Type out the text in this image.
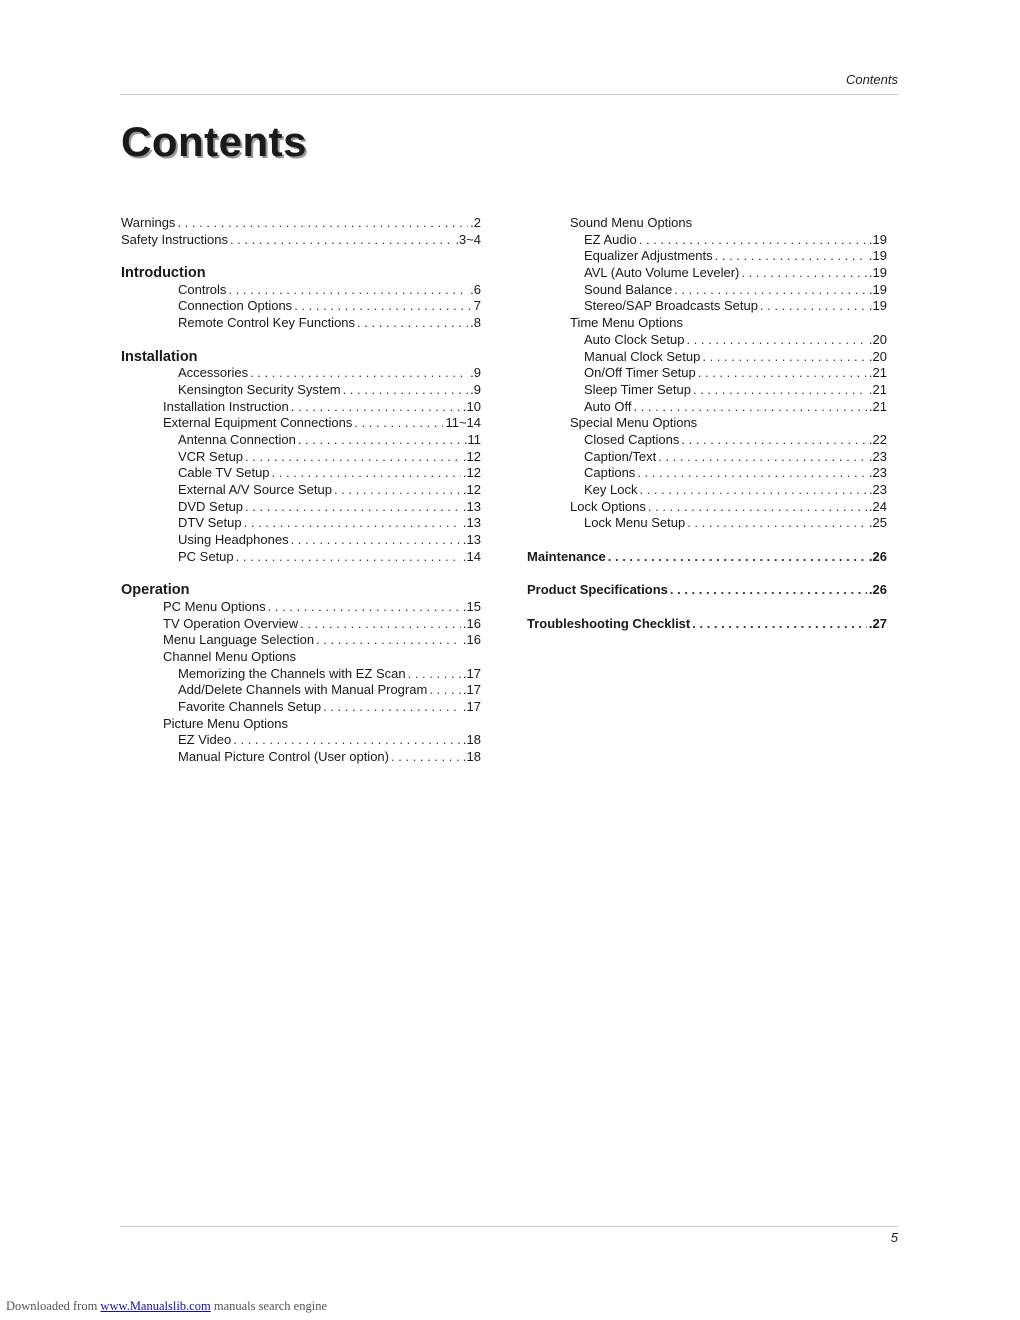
Contents
Contents
Warnings . . .	.2
Safety Instructions . . .	.3~4
Introduction
Controls . . .	.6
Connection Options . . .	7
Remote Control Key Functions . . .	.8
Installation
Accessories . . .	.9
Kensington Security System . . .	.9
Installation Instruction . . .	.10
External Equipment Connections . . .	11~14
Antenna Connection . . .	.11
VCR Setup . . .	.12
Cable TV Setup . . .	.12
External A/V Source Setup . . .	.12
DVD Setup . . .	.13
DTV Setup . . .	.13
Using Headphones . . .	.13
PC Setup . . .	.14
Operation
PC Menu Options . . .	.15
TV Operation Overview . . .	.16
Menu Language Selection . . .	.16
Channel Menu Options
Memorizing the Channels with EZ Scan . . .	.17
Add/Delete Channels with Manual Program . . .	.17
Favorite Channels Setup . . .	.17
Picture Menu Options
EZ Video . . .	.18
Manual Picture Control (User option) . . .	.18
Sound Menu Options
EZ Audio . . .	.19
Equalizer Adjustments . . .	.19
AVL (Auto Volume Leveler) . . .	.19
Sound Balance . . .	.19
Stereo/SAP Broadcasts Setup . . .	.19
Time Menu Options
Auto Clock Setup . . .	.20
Manual Clock Setup . . .	.20
On/Off Timer Setup . . .	.21
Sleep Timer Setup . . .	.21
Auto Off . . .	.21
Special Menu Options
Closed Captions . . .	.22
Caption/Text . . .	.23
Captions . . .	.23
Key Lock . . .	.23
Lock Options . . .	.24
Lock Menu Setup . . .	.25
Maintenance . . .	.26
Product Specifications . . .	.26
Troubleshooting Checklist . . .	.27
5
Downloaded from www.Manualslib.com manuals search engine
